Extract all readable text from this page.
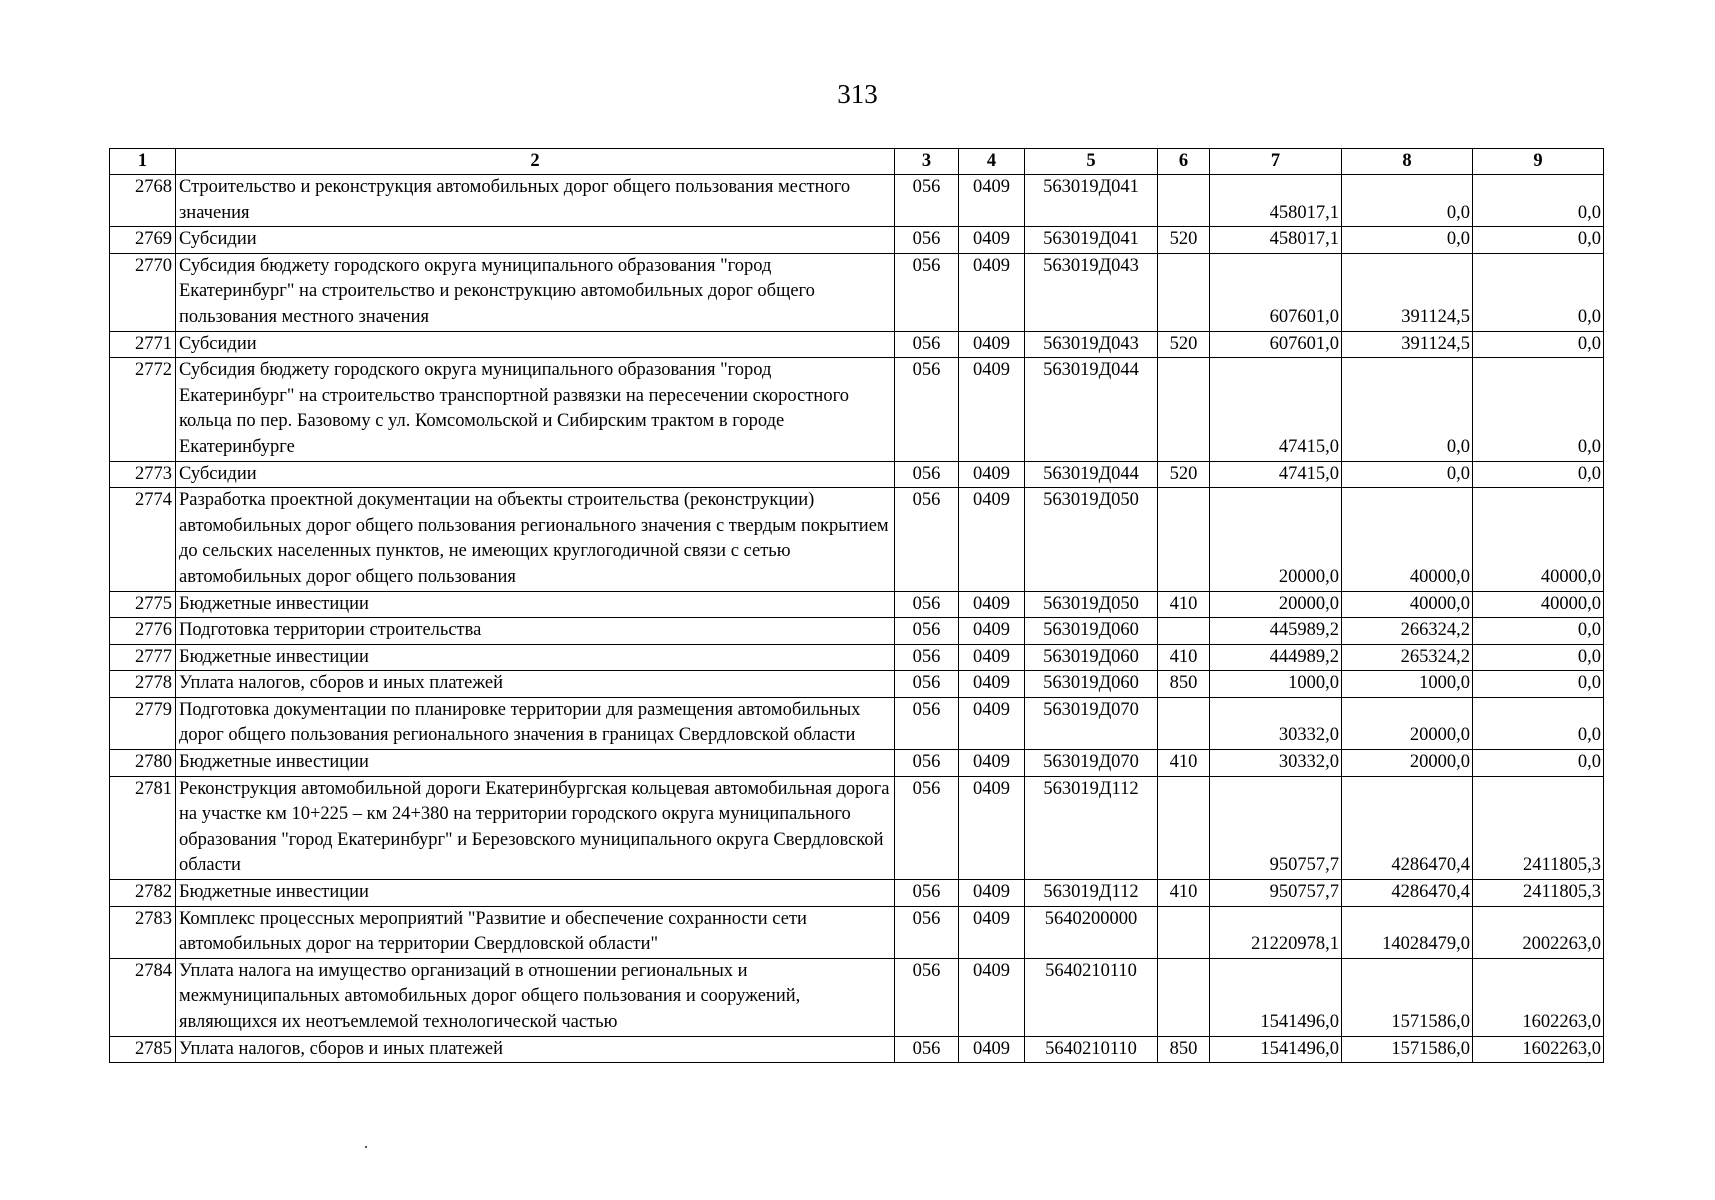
313
1	2	3	4	5	6	7	8	9
2768	Строительство и реконструкция автомобильных дорог общего пользования местного значения	056	0409	563019Д041		458017,1	0,0	0,0
2769	Субсидии	056	0409	563019Д041	520	458017,1	0,0	0,0
2770	Субсидия бюджету городского округа муниципального образования "город Екатеринбург" на строительство и реконструкцию автомобильных дорог общего пользования местного значения	056	0409	563019Д043		607601,0	391124,5	0,0
2771	Субсидии	056	0409	563019Д043	520	607601,0	391124,5	0,0
2772	Субсидия бюджету городского округа муниципального образования "город Екатеринбург" на строительство транспортной развязки на пересечении скоростного кольца по пер. Базовому с ул. Комсомольской и Сибирским трактом в городе Екатеринбурге	056	0409	563019Д044		47415,0	0,0	0,0
2773	Субсидии	056	0409	563019Д044	520	47415,0	0,0	0,0
2774	Разработка проектной документации на объекты строительства (реконструкции) автомобильных дорог общего пользования регионального значения с твердым покрытием до сельских населенных пунктов, не имеющих круглогодичной связи с сетью автомобильных дорог общего пользования	056	0409	563019Д050		20000,0	40000,0	40000,0
2775	Бюджетные инвестиции	056	0409	563019Д050	410	20000,0	40000,0	40000,0
2776	Подготовка территории строительства	056	0409	563019Д060		445989,2	266324,2	0,0
2777	Бюджетные инвестиции	056	0409	563019Д060	410	444989,2	265324,2	0,0
2778	Уплата налогов, сборов и иных платежей	056	0409	563019Д060	850	1000,0	1000,0	0,0
2779	Подготовка документации по планировке территории для размещения автомобильных дорог общего пользования регионального значения в границах Свердловской области	056	0409	563019Д070		30332,0	20000,0	0,0
2780	Бюджетные инвестиции	056	0409	563019Д070	410	30332,0	20000,0	0,0
2781	Реконструкция автомобильной дороги Екатеринбургская кольцевая автомобильная дорога на участке км 10+225 – км 24+380 на территории городского округа муниципального образования "город Екатеринбург" и Березовского муниципального округа Свердловской области	056	0409	563019Д112		950757,7	4286470,4	2411805,3
2782	Бюджетные инвестиции	056	0409	563019Д112	410	950757,7	4286470,4	2411805,3
2783	Комплекс процессных мероприятий "Развитие и обеспечение сохранности сети автомобильных дорог на территории Свердловской области"	056	0409	5640200000		21220978,1	14028479,0	2002263,0
2784	Уплата налога на имущество организаций в отношении региональных и межмуниципальных автомобильных дорог общего пользования и сооружений, являющихся их неотъемлемой технологической частью	056	0409	5640210110		1541496,0	1571586,0	1602263,0
2785	Уплата налогов, сборов и иных платежей	056	0409	5640210110	850	1541496,0	1571586,0	1602263,0
